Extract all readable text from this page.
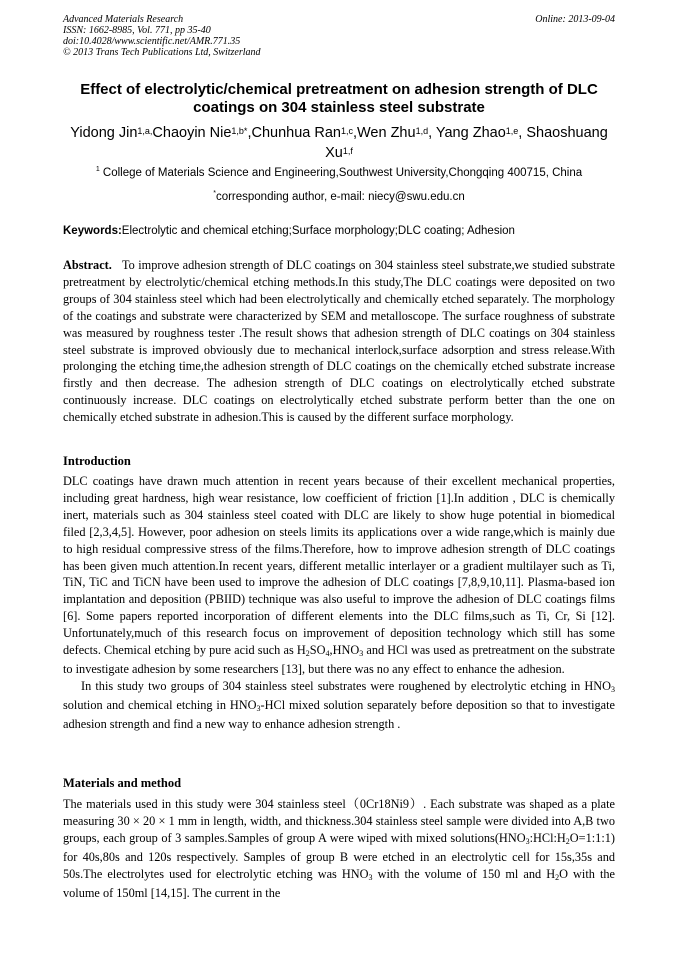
Advanced Materials Research
ISSN: 1662-8985, Vol. 771, pp 35-40
doi:10.4028/www.scientific.net/AMR.771.35
© 2013 Trans Tech Publications Ltd, Switzerland
Online: 2013-09-04
Effect of electrolytic/chemical pretreatment on adhesion strength of DLC coatings on 304 stainless steel substrate
Yidong Jin$^{1,a,}$Chaoyin Nie$^{1,b*}$,Chunhua Ran$^{1,c}$,Wen Zhu$^{1,d}$, Yang Zhao$^{1,e}$, Shaoshuang Xu$^{1,f}$
$^1$ College of Materials Science and Engineering,Southwest University,Chongqing 400715, China
*corresponding author, e-mail: niecy@swu.edu.cn
Keywords:Electrolytic and chemical etching;Surface morphology;DLC coating; Adhesion

Abstract. To improve adhesion strength of DLC coatings on 304 stainless steel substrate,we studied substrate pretreatment by electrolytic/chemical etching methods.In this study,The DLC coatings were deposited on two groups of 304 stainless steel which had been electrolytically and chemically etched separately. The morphology of the coatings and substrate were characterized by SEM and metalloscope. The surface roughness of substrate was measured by roughness tester .The result shows that adhesion strength of DLC coatings on 304 stainless steel substrate is improved obviously due to mechanical interlock,surface adsorption and stress release.With prolonging the etching time,the adhesion strength of DLC coatings on the chemically etched substrate increase firstly and then decrease. The adhesion strength of DLC coatings on electrolytically etched substrate continuously increase. DLC coatings on electrolytically etched substrate perform better than the one on chemically etched substrate in adhesion.This is caused by the different surface morphology.

Introduction

DLC coatings have drawn much attention in recent years because of their excellent mechanical properties, including great hardness, high wear resistance, low coefficient of friction [1].In addition , DLC is chemically inert, materials such as 304 stainless steel coated with DLC are likely to show huge potential in biomedical filed [2,3,4,5]. However, poor adhesion on steels limits its applications over a wide range,which is mainly due to high residual compressive stress of the films.Therefore, how to improve adhesion strength of DLC coatings has been given much attention.In recent years, different metallic interlayer or a gradient multilayer such as Ti, TiN, TiC and TiCN have been used to improve the adhesion of DLC coatings [7,8,9,10,11]. Plasma-based ion implantation and deposition (PBIID) technique was also useful to improve the adhesion of DLC coatings films [6]. Some papers reported incorporation of different elements into the DLC films,such as Ti, Cr, Si [12]. Unfortunately,much of this research focus on improvement of deposition technology which still has some defects. Chemical etching by pure acid such as $H_2SO_4,HNO_3$ and HCl was used as pretreatment on the substrate to investigate adhesion by some researchers [13], but there was no any effect to enhance the adhesion.

In this study two groups of 304 stainless steel substrates were roughened by electrolytic etching in $HNO_3$ solution and chemical etching in $HNO_3$-HCl mixed solution separately before deposition so that to investigate adhesion strength and find a new way to enhance adhesion strength .

Materials and method

The materials used in this study were 304 stainless steel（0Cr18Ni9）. Each substrate was shaped as a plate measuring 30 × 20 × 1 mm in length, width, and thickness.304 stainless steel sample were divided into A,B two groups, each group of 3 samples.Samples of group A were wiped with mixed $solutions(HNO_3:HCl:H_2O=1:1:1)$ for 40s,80s and 120s respectively. Samples of group B were etched in an electrolytic cell for 15s,35s and 50s.The electrolytes used for electrolytic etching was $HNO_3$ with the volume of 150 ml and $H_2O$ with the volume of 150ml [14,15]. The current in the
